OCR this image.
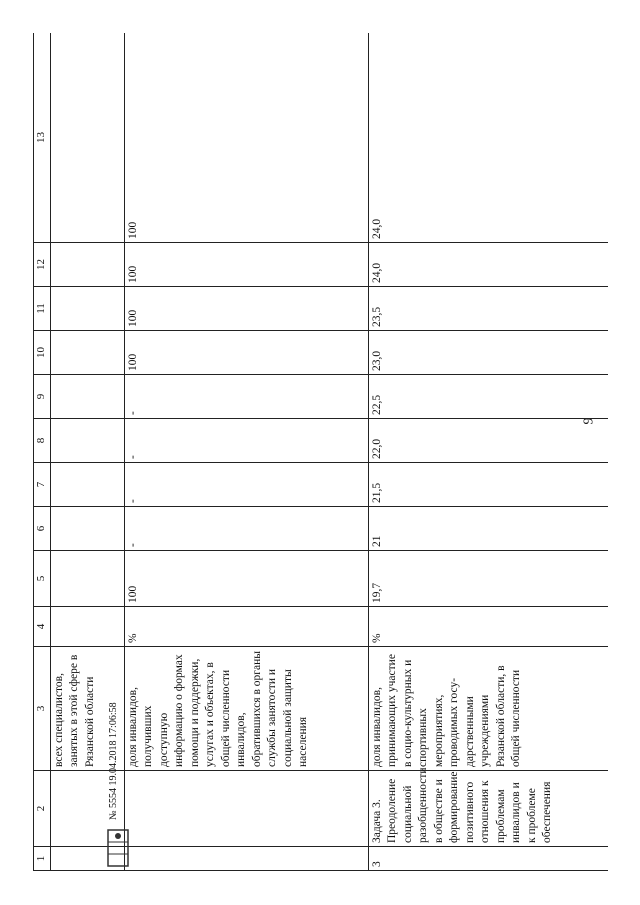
9
1	2	3	4	5	6	7	8	9	10	11	12	13
		всех специалистов, занятых в этой сфере в Рязанской области										
		доля инвалидов, получивших доступную информацию о формах помощи и поддержки, услугах и объектах, в общей численности инвалидов, обратившихся в органы службы занятости и социальной защиты населения	%	100	-	-	-	-	100	100	100	100
3	Задача 3. Преодоление социальной разобщенности в обществе и формирование позитивного отношения к проблемам инвалидов и к проблеме обеспечения	доля инвалидов, принимающих участие в социо-культурных и спортивных мероприятиях, проводимых госу-дарственными учреждениями Рязанской области, в общей численности	%	19,7	21	21,5	22,0	22,5	23,0	23,5	24,0	24,0
№ 5554 19.04.2018 17:06:58
